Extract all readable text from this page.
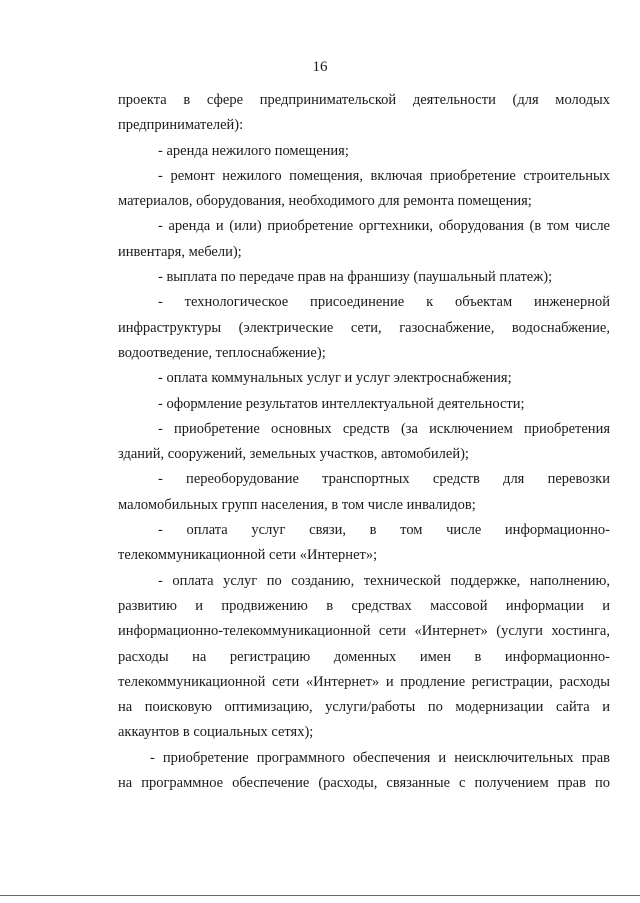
16
проекта в сфере предпринимательской деятельности (для молодых
предпринимателей):
- аренда нежилого помещения;
- ремонт нежилого помещения, включая приобретение строительных
материалов, оборудования, необходимого для ремонта помещения;
- аренда и (или) приобретение оргтехники, оборудования (в том числе
инвентаря, мебели);
- выплата по передаче прав на франшизу (паушальный платеж);
- технологическое присоединение к объектам инженерной
инфраструктуры (электрические сети, газоснабжение, водоснабжение,
водоотведение, теплоснабжение);
- оплата коммунальных услуг и услуг электроснабжения;
- оформление результатов интеллектуальной деятельности;
- приобретение основных средств (за исключением приобретения
зданий, сооружений, земельных участков, автомобилей);
- переоборудование транспортных средств для перевозки
маломобильных групп населения, в том числе инвалидов;
- оплата услуг связи, в том числе информационно-
телекоммуникационной сети «Интернет»;
- оплата услуг по созданию, технической поддержке, наполнению,
развитию и продвижению в средствах массовой информации и
информационно-телекоммуникационной сети «Интернет» (услуги хостинга,
расходы на регистрацию доменных имен в информационно-
телекоммуникационной сети «Интернет» и продление регистрации, расходы
на поисковую оптимизацию, услуги/работы по модернизации сайта и
аккаунтов в социальных сетях);
- приобретение программного обеспечения и неисключительных прав
на программное обеспечение (расходы, связанные с получением прав по
